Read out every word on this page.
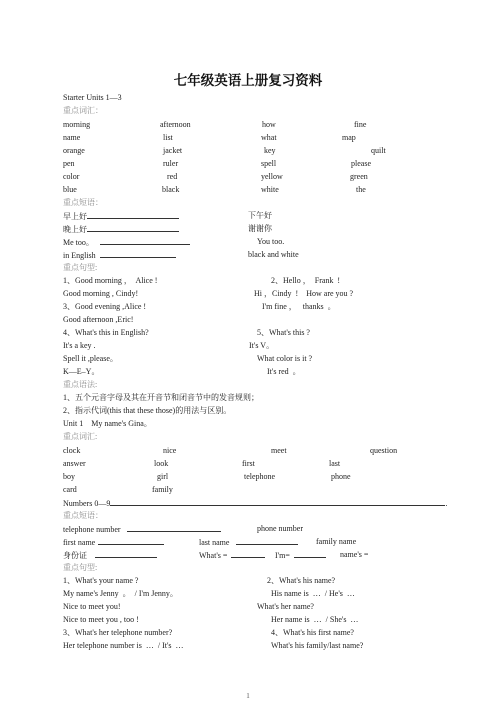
七年级英语上册复习资料
Starter Units 1—3
重点词汇：
morning	afternoon	how	fine
name	list	what	map
orange	jacket	key	quilt
pen	ruler	spell	please
color	red	yellow	green
blue	black	white	the
重点短语：
早上好	下午好
晚上好	谢谢你
Me too。	You too.
in English	black and white
重点句型:
1、Good morning ，  Alice !	2、Hello ，  Frank  !
Good morning , Cindy!	Hi ，Cindy  !    How are you ?
3、Good evening ,Alice !	I'm fine ，   thanks  。
Good afternoon ,Eric!
4、What's this in English?	5、What's this ?
It's a key .	It's V。
Spell it ,please。	What color is it ?
K—E–Y。	It's red  。
重点语法:
1、五个元音字母及其在开音节和闭音节中的发音规则；
2、指示代词(this that these those)的用法与区别。
Unit 1    My name's Gina。
重点词汇:
clock	nice	meet	question
answer	look	first	last
boy	girl	telephone	phone
card	family
Numbers 0—9	.
重点短语：
telephone number	phone number
first name	last name	family name
身份证	What's =	I'm=	name's =
重点句型:
1、What's your name ?	2、What's his name?
My name's Jenny  。  / I'm Jenny。	His name is  …  / He's  …
Nice to meet you!	What's her name?
Nice to meet you , too !	Her name is  …  / She's  …
3、What's her telephone number?	4、What's his first name?
Her telephone number is  …  / It's  …	What's his family/last name?
1
